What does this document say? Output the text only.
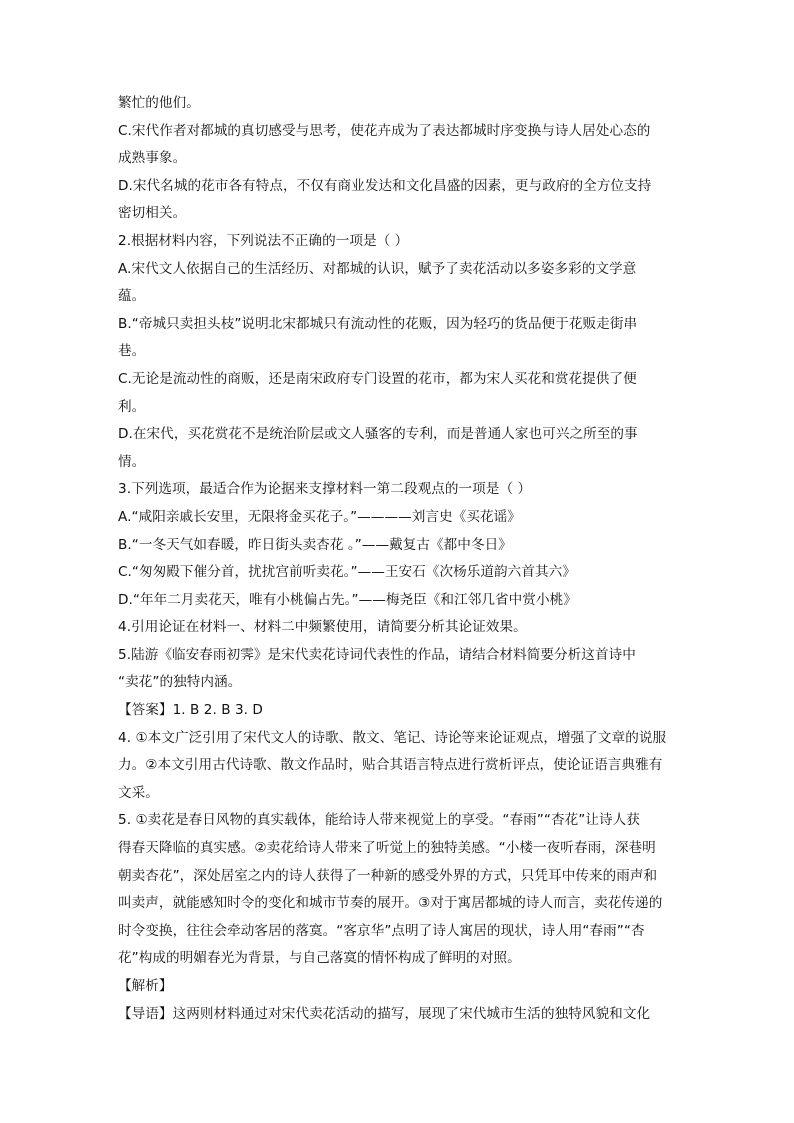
繁忙的他们。
C.宋代作者对都城的真切感受与思考，使花卉成为了表达都城时序变换与诗人居处心态的
成熟事象。
D.宋代名城的花市各有特点，不仅有商业发达和文化昌盛的因素，更与政府的全方位支持
密切相关。
2.根据材料内容，下列说法不正确的一项是（ ）
A.宋代文人依据自己的生活经历、对都城的认识，赋予了卖花活动以多姿多彩的文学意
蕴。
B.“帝城只卖担头枝”说明北宋都城只有流动性的花贩，因为轻巧的货品便于花贩走街串
巷。
C.无论是流动性的商贩，还是南宋政府专门设置的花市，都为宋人买花和赏花提供了便
利。
D.在宋代，买花赏花不是统治阶层或文人骚客的专利，而是普通人家也可兴之所至的事
情。
3.下列选项，最适合作为论据来支撑材料一第二段观点的一项是（ ）
A.“咸阳亲戚长安里，无限将金买花子。”————刘言史《买花谣》
B.“一冬天气如春暖，昨日街头卖杏花 。”——戴复古《都中冬日》
C.“匆匆殿下催分首，扰扰宫前听卖花。”——王安石《次杨乐道韵六首其六》
D.“年年二月卖花天，唯有小桃偏占先。”——梅尧臣《和江邻几省中赏小桃》
4.引用论证在材料一、材料二中频繁使用，请简要分析其论证效果。
5.陆游《临安春雨初霁》是宋代卖花诗词代表性的作品，请结合材料简要分析这首诗中
“卖花”的独特内涵。
【答案】1. B 2. B 3. D
4. ①本文广泛引用了宋代文人的诗歌、散文、笔记、诗论等来论证观点，增强了文章的说服
力。②本文引用古代诗歌、散文作品时，贴合其语言特点进行赏析评点，使论证语言典雅有
文采。
5. ①卖花是春日风物的真实载体，能给诗人带来视觉上的享受。“春雨”“杏花”让诗人获
得春天降临的真实感。②卖花给诗人带来了听觉上的独特美感。“小楼一夜听春雨，深巷明
朝卖杏花”，深处居室之内的诗人获得了一种新的感受外界的方式，只凭耳中传来的雨声和
叫卖声，就能感知时令的变化和城市节奏的展开。③对于寓居都城的诗人而言，卖花传递的
时令变换，往往会牵动客居的落寞。“客京华”点明了诗人寓居的现状，诗人用“春雨”“杏
花”构成的明媚春光为背景，与自己落寞的情怀构成了鲜明的对照。
【解析】
【导语】这两则材料通过对宋代卖花活动的描写，展现了宋代城市生活的独特风貌和文化
